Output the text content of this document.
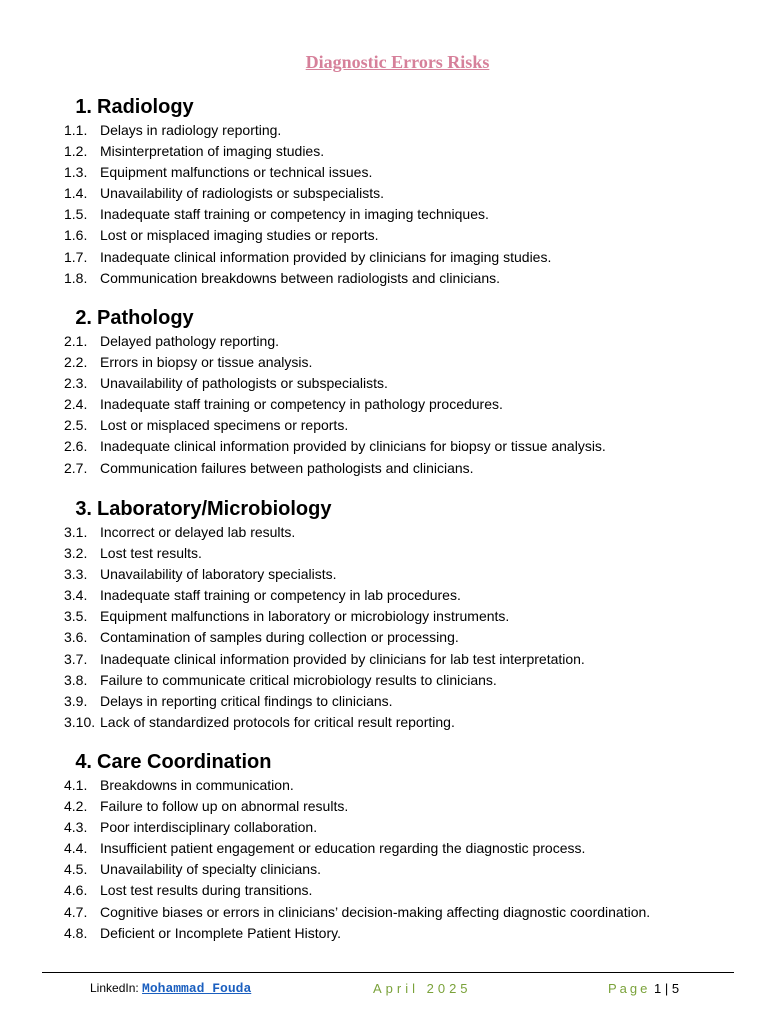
Diagnostic Errors Risks
1. Radiology
1.1. Delays in radiology reporting.
1.2. Misinterpretation of imaging studies.
1.3. Equipment malfunctions or technical issues.
1.4. Unavailability of radiologists or subspecialists.
1.5. Inadequate staff training or competency in imaging techniques.
1.6. Lost or misplaced imaging studies or reports.
1.7. Inadequate clinical information provided by clinicians for imaging studies.
1.8. Communication breakdowns between radiologists and clinicians.
2. Pathology
2.1. Delayed pathology reporting.
2.2. Errors in biopsy or tissue analysis.
2.3. Unavailability of pathologists or subspecialists.
2.4. Inadequate staff training or competency in pathology procedures.
2.5. Lost or misplaced specimens or reports.
2.6. Inadequate clinical information provided by clinicians for biopsy or tissue analysis.
2.7. Communication failures between pathologists and clinicians.
3. Laboratory/Microbiology
3.1. Incorrect or delayed lab results.
3.2. Lost test results.
3.3. Unavailability of laboratory specialists.
3.4. Inadequate staff training or competency in lab procedures.
3.5. Equipment malfunctions in laboratory or microbiology instruments.
3.6. Contamination of samples during collection or processing.
3.7. Inadequate clinical information provided by clinicians for lab test interpretation.
3.8. Failure to communicate critical microbiology results to clinicians.
3.9. Delays in reporting critical findings to clinicians.
3.10. Lack of standardized protocols for critical result reporting.
4. Care Coordination
4.1. Breakdowns in communication.
4.2. Failure to follow up on abnormal results.
4.3. Poor interdisciplinary collaboration.
4.4. Insufficient patient engagement or education regarding the diagnostic process.
4.5. Unavailability of specialty clinicians.
4.6. Lost test results during transitions.
4.7. Cognitive biases or errors in clinicians’ decision-making affecting diagnostic coordination.
4.8. Deficient or Incomplete Patient History.
LinkedIn: Mohammad Fouda	April 2025	Page 1 | 5
